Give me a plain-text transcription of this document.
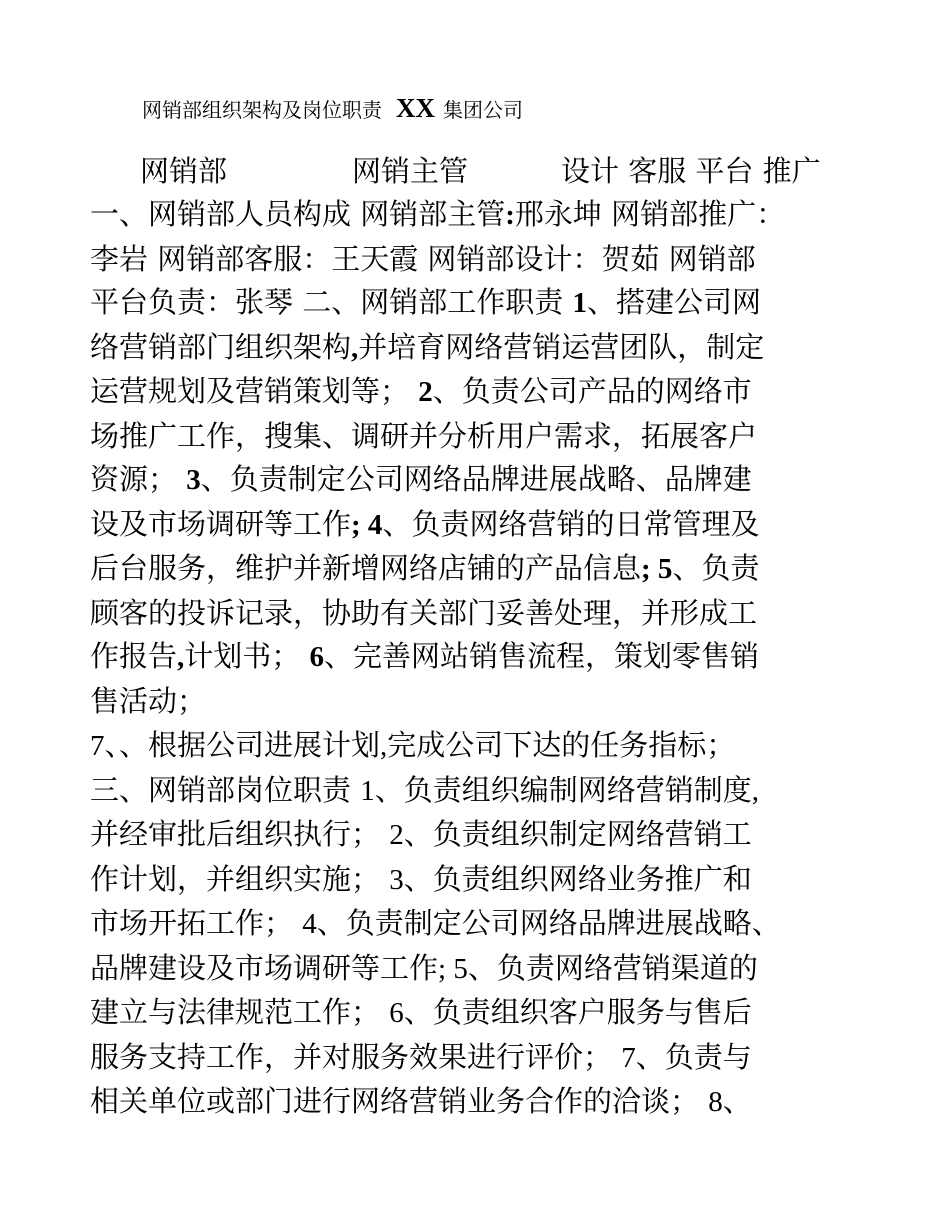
网销部组织架构及岗位职责 XX 集团公司
网销部	网销主管	设计 客服 平台 推广

一、网销部人员构成 网销部主管:邢永坤 网销部推广：

李岩 网销部客服：王天霞 网销部设计：贺茹 网销部

平台负责：张琴 二、网销部工作职责 1、搭建公司网

络营销部门组织架构,并培育网络营销运营团队，制定

运营规划及营销策划等； 2、负责公司产品的网络市

场推广工作，搜集、调研并分析用户需求，拓展客户

资源； 3、负责制定公司网络品牌进展战略、品牌建

设及市场调研等工作; 4、负责网络营销的日常管理及

后台服务，维护并新增网络店铺的产品信息; 5、负责

顾客的投诉记录，协助有关部门妥善处理，并形成工

作报告,计划书； 6、完善网站销售流程，策划零售销

售活动；

7、、根据公司进展计划,完成公司下达的任务指标；

三、网销部岗位职责 1、负责组织编制网络营销制度,

并经审批后组织执行； 2、负责组织制定网络营销工

作计划，并组织实施； 3、负责组织网络业务推广和

市场开拓工作； 4、负责制定公司网络品牌进展战略、

品牌建设及市场调研等工作; 5、负责网络营销渠道的

建立与法律规范工作； 6、负责组织客户服务与售后

服务支持工作，并对服务效果进行评价； 7、负责与

相关单位或部门进行网络营销业务合作的洽谈； 8、
